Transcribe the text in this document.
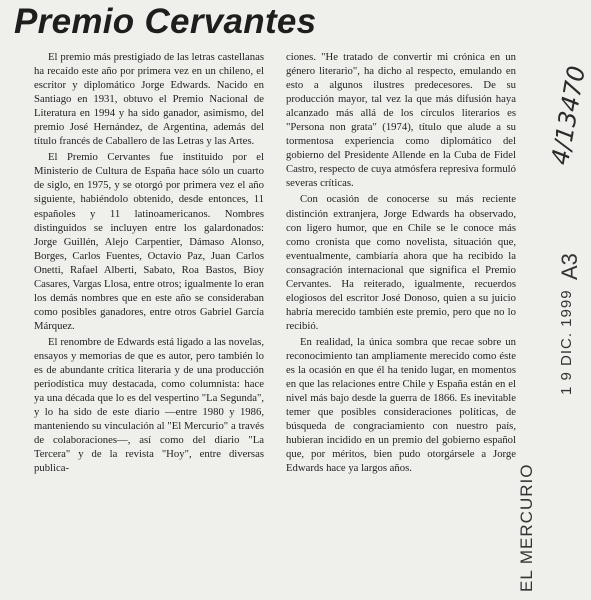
Premio Cervantes

El premio más prestigiado de las letras castellanas ha recaído este año por primera vez en un chileno, el escritor y diplomático Jorge Edwards. Nacido en Santiago en 1931, obtuvo el Premio Nacional de Literatura en 1994 y ha sido ganador, asimismo, del premio José Hernández, de Argentina, además del título francés de Caballero de las Letras y las Artes.

El Premio Cervantes fue instituido por el Ministerio de Cultura de España hace sólo un cuarto de siglo, en 1975, y se otorgó por primera vez el año siguiente, habiéndolo obtenido, desde entonces, 11 españoles y 11 latinoamericanos. Nombres distinguidos se incluyen entre los galardonados: Jorge Guillén, Alejo Carpentier, Dámaso Alonso, Borges, Carlos Fuentes, Octavio Paz, Juan Carlos Onetti, Rafael Alberti, Sabato, Roa Bastos, Bioy Casares, Vargas Llosa, entre otros; igualmente lo eran los demás nombres que en este año se consideraban como posibles ganadores, entre otros Gabriel García Márquez.

El renombre de Edwards está ligado a las novelas, ensayos y memorias de que es autor, pero también lo es de abundante crítica literaria y de una producción periodística muy destacada, como columnista: hace ya una década que lo es del vespertino "La Segunda", y lo ha sido de este diario —entre 1980 y 1986, manteniendo su vinculación al "El Mercurio" a través de colaboraciones—, así como del diario "La Tercera" y de la revista "Hoy", entre diversas publica-

ciones. "He tratado de convertir mi crónica en un género literario", ha dicho al respecto, emulando en esto a algunos ilustres predecesores. De su producción mayor, tal vez la que más difusión haya alcanzado más allá de los círculos literarios es "Persona non grata" (1974), título que alude a su tormentosa experiencia como diplomático del gobierno del Presidente Allende en la Cuba de Fidel Castro, respecto de cuya atmósfera represiva formuló severas críticas.

Con ocasión de conocerse su más reciente distinción extranjera, Jorge Edwards ha observado, con ligero humor, que en Chile se le conoce más como cronista que como novelista, situación que, eventualmente, cambiaría ahora que ha recibido la consagración internacional que significa el Premio Cervantes. Ha reiterado, igualmente, recuerdos elogiosos del escritor José Donoso, quien a su juicio habría merecido también este premio, pero que no lo recibió.

En realidad, la única sombra que recae sobre un reconocimiento tan ampliamente merecido como éste es la ocasión en que él ha tenido lugar, en momentos en que las relaciones entre Chile y España están en el nivel más bajo desde la guerra de 1866. Es inevitable temer que posibles consideraciones políticas, de búsqueda de congraciamiento con nuestro país, hubieran incidido en un premio del gobierno español que, por méritos, bien pudo otorgársele a Jorge Edwards hace ya largos años.	EL MERCURIO
1 9 DIC. 1999
A3
4/13470
